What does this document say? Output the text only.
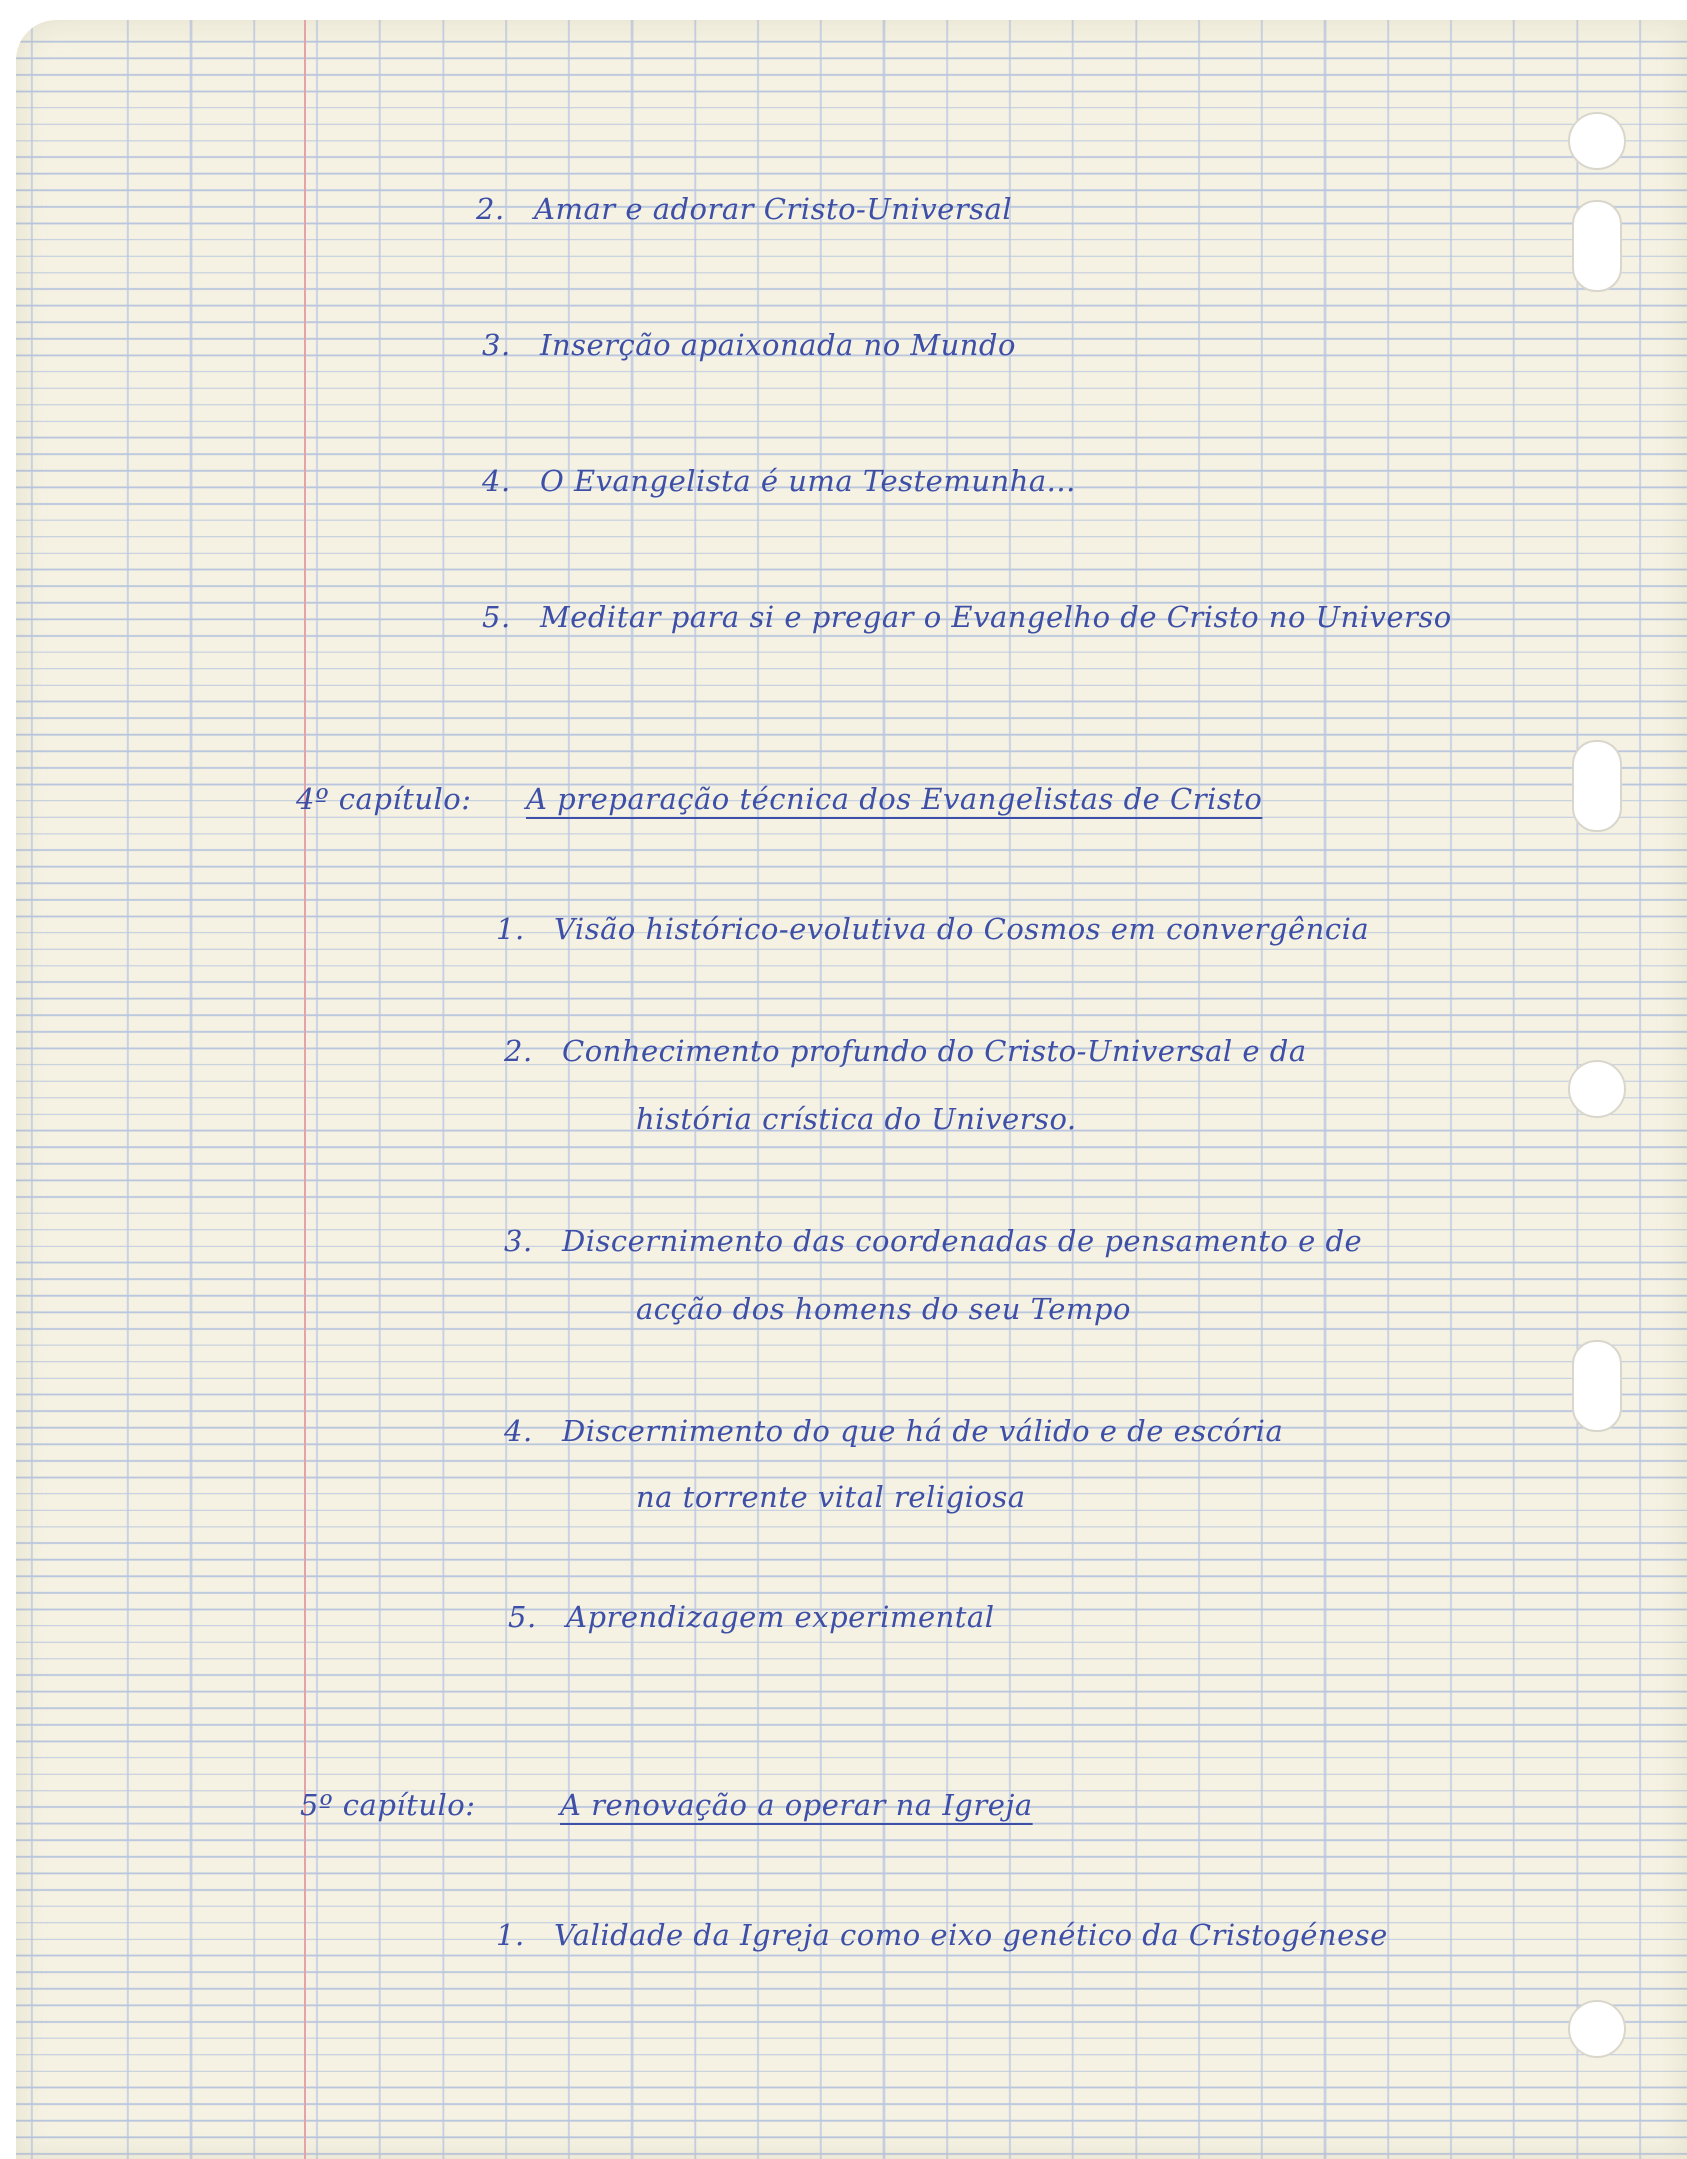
2. Amar e adorar Cristo-Universal
3. Inserção apaixonada no Mundo
4. O Evangelista é uma Testemunha...
5. Meditar para si e pregar o Evangelho de Cristo no Universo
4º capítulo: A preparação técnica dos Evangelistas de Cristo
1. Visão histórico-evolutiva do Cosmos em convergência
2. Conhecimento profundo do Cristo-Universal e da
história crística do Universo.
3. Discernimento das coordenadas de pensamento e de
acção dos homens do seu Tempo
4. Discernimento do que há de válido e de escória
na torrente vital religiosa
5. Aprendizagem experimental
5º capítulo:	A renovação a operar na Igreja
1. Validade da Igreja como eixo genético da Cristogénese
